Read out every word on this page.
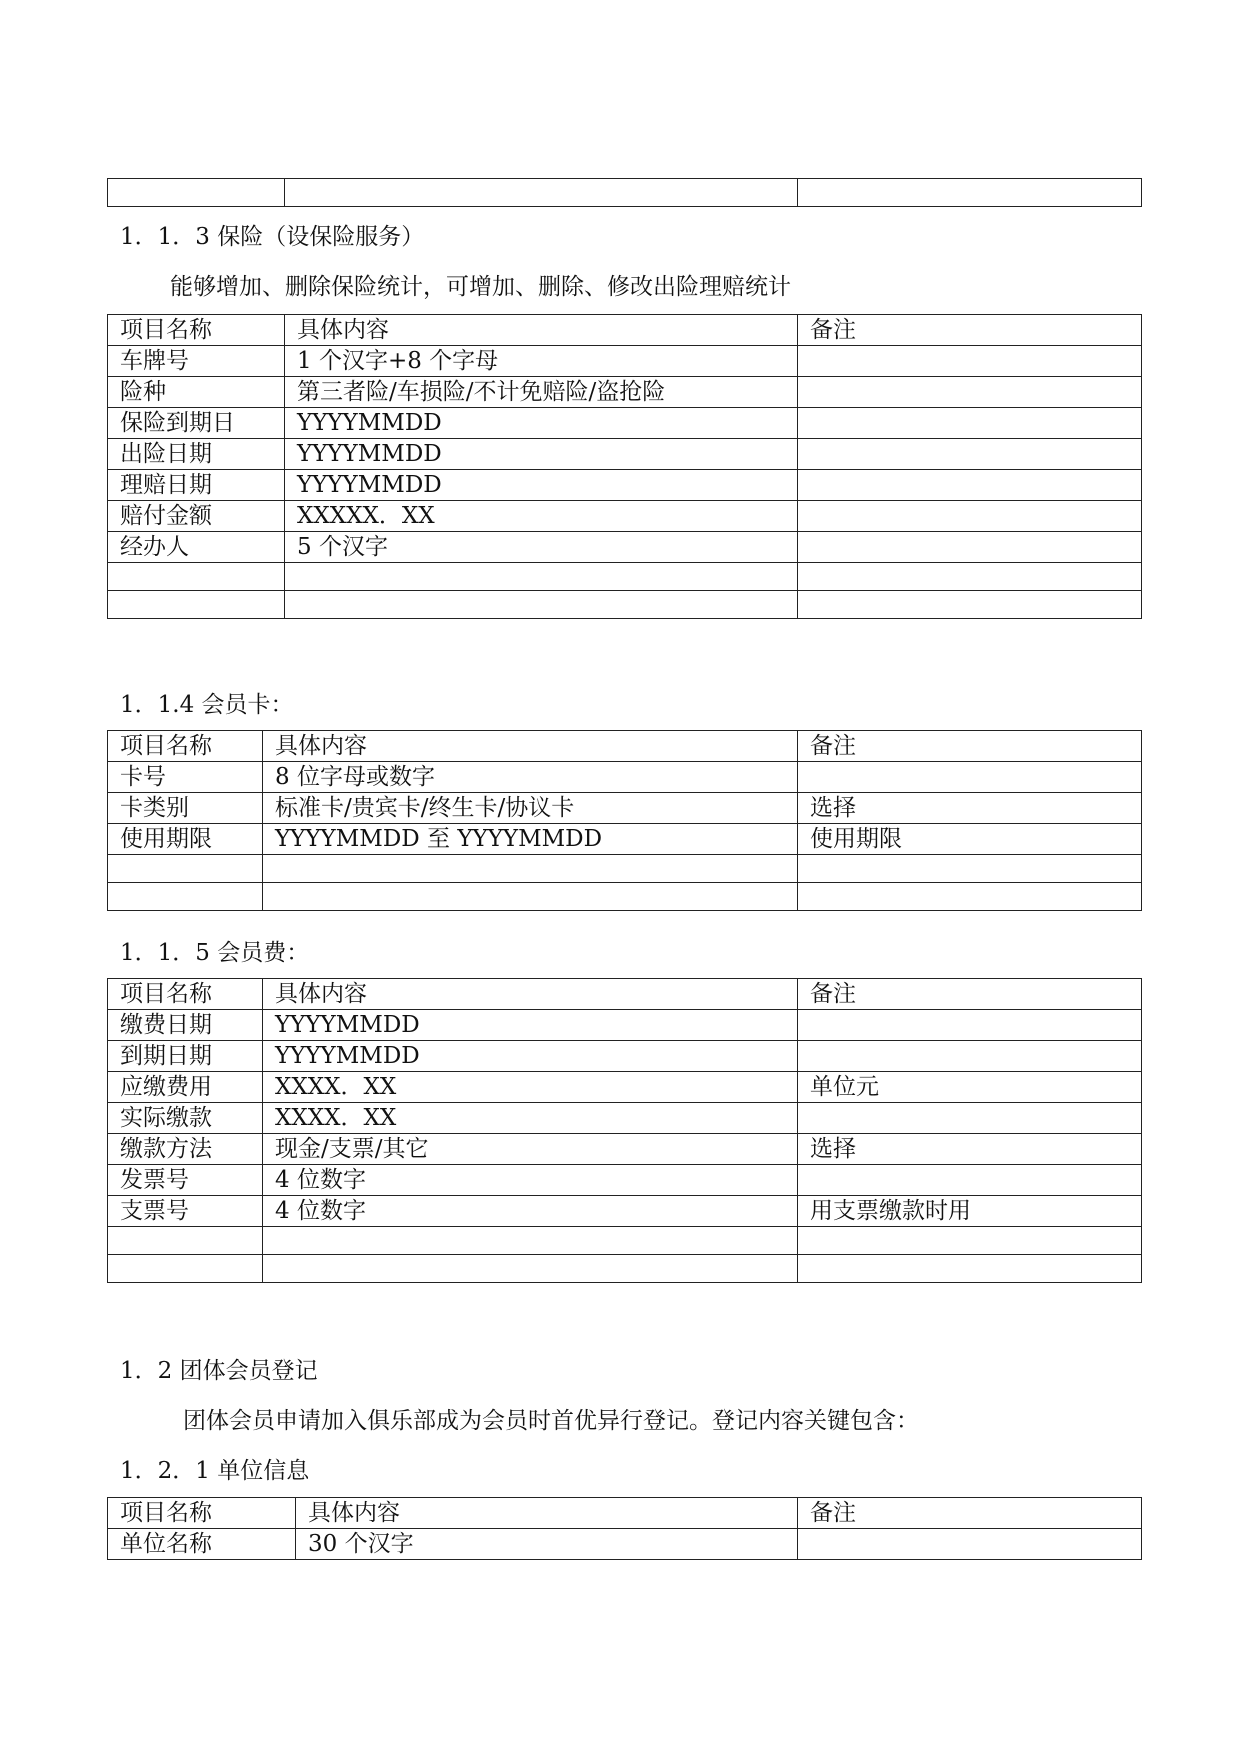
1．1．3 保险（设保险服务）
能够增加、删除保险统计，可增加、删除、修改出险理赔统计
项目名称	具体内容	备注
车牌号	1 个汉字+8 个字母	
险种	第三者险/车损险/不计免赔险/盗抢险	
保险到期日	YYYYMMDD	
出险日期	YYYYMMDD	
理赔日期	YYYYMMDD	
赔付金额	XXXXX．XX	
经办人	5 个汉字	

1．1.4 会员卡：
项目名称	具体内容	备注
卡号	8 位字母或数字	
卡类别	标准卡/贵宾卡/终生卡/协议卡	选择
使用期限	YYYYMMDD 至 YYYYMMDD	使用期限

1．1．5 会员费：
项目名称	具体内容	备注
缴费日期	YYYYMMDD	
到期日期	YYYYMMDD	
应缴费用	XXXX．XX	单位元
实际缴款	XXXX．XX	
缴款方法	现金/支票/其它	选择
发票号	4 位数字	
支票号	4 位数字	用支票缴款时用

1．2 团体会员登记
团体会员申请加入俱乐部成为会员时首优异行登记。登记内容关键包含：
1．2．1 单位信息
项目名称	具体内容	备注
单位名称	30 个汉字	
